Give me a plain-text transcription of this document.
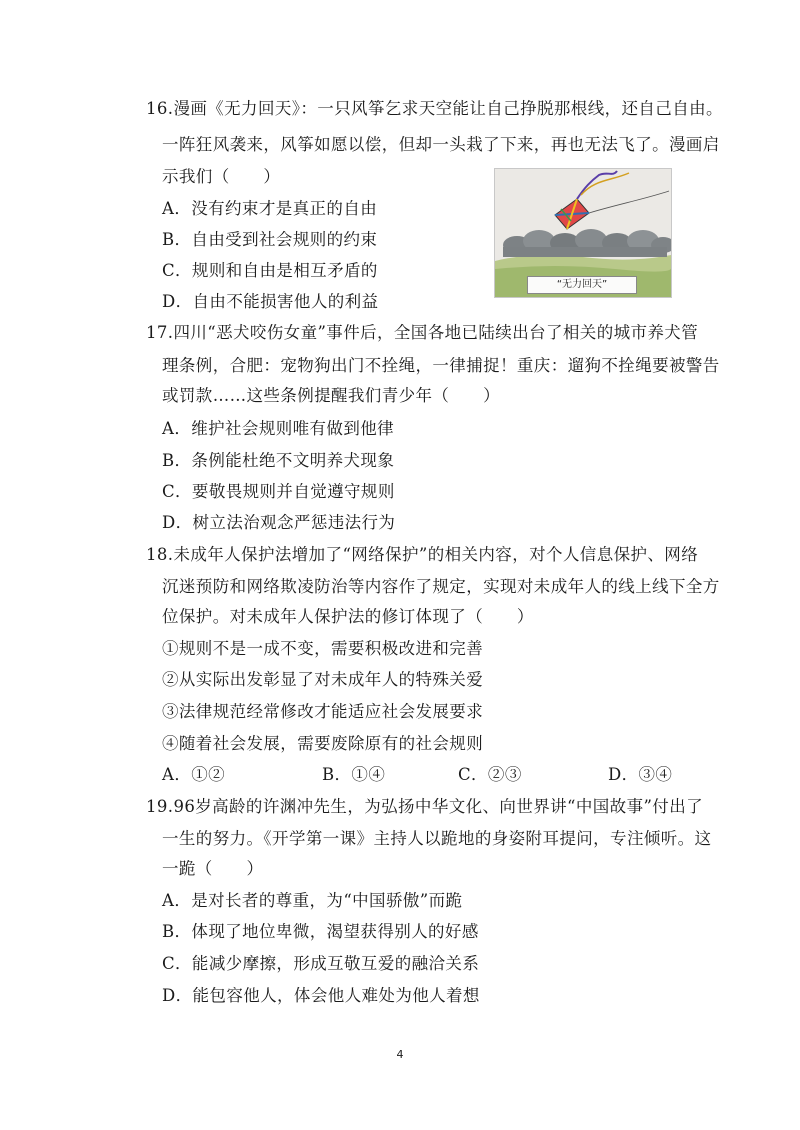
16.漫画《无力回天》：一只风筝乞求天空能让自己挣脱那根线，还自己自由。
一阵狂风袭来，风筝如愿以偿，但却一头栽了下来，再也无法飞了。漫画启
示我们（　　）
A．没有约束才是真正的自由
B．自由受到社会规则的约束
C．规则和自由是相互矛盾的
D．自由不能损害他人的利益
“无力回天”
17.四川“恶犬咬伤女童”事件后，全国各地已陆续出台了相关的城市养犬管
理条例，合肥：宠物狗出门不拴绳，一律捕捉！重庆：遛狗不拴绳要被警告
或罚款……这些条例提醒我们青少年（　　）
A．维护社会规则唯有做到他律
B．条例能杜绝不文明养犬现象
C．要敬畏规则并自觉遵守规则
D．树立法治观念严惩违法行为
18.未成年人保护法增加了“网络保护”的相关内容，对个人信息保护、网络
沉迷预防和网络欺凌防治等内容作了规定，实现对未成年人的线上线下全方
位保护。对未成年人保护法的修订体现了（　　）
①规则不是一成不变，需要积极改进和完善
②从实际出发彰显了对未成年人的特殊关爱
③法律规范经常修改才能适应社会发展要求
④随着社会发展，需要废除原有的社会规则
A．①②	B．①④	C．②③	D．③④
19.96岁高龄的许渊冲先生，为弘扬中华文化、向世界讲“中国故事”付出了
一生的努力。《开学第一课》主持人以跪地的身姿附耳提问，专注倾听。这
一跪（　　）
A．是对长者的尊重，为“中国骄傲”而跪
B．体现了地位卑微，渴望获得别人的好感
C．能减少摩擦，形成互敬互爱的融洽关系
D．能包容他人，体会他人难处为他人着想
4
